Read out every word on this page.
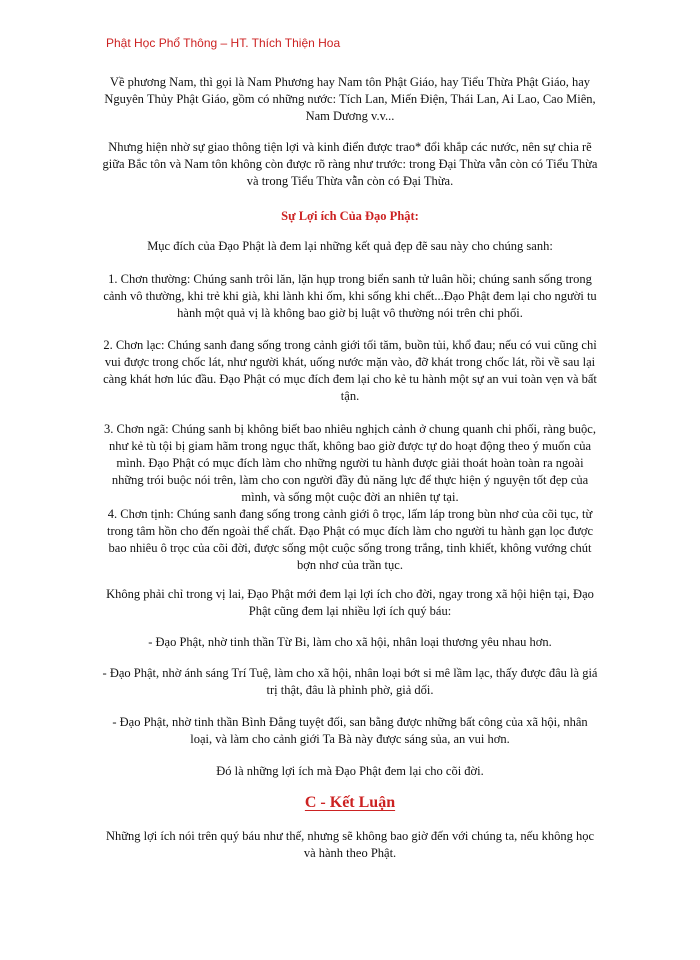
Phật Học Phổ Thông – HT. Thích Thiện Hoa
Về phương Nam, thì gọi là Nam Phương hay Nam tôn Phật Giáo, hay Tiểu Thừa Phật Giáo, hay Nguyên Thủy Phật Giáo, gồm có những nước: Tích Lan, Miến Điện, Thái Lan, Ai Lao, Cao Miên, Nam Dương v.v...
Nhưng hiện nhờ sự giao thông tiện lợi và kinh điển được trao* đổi khắp các nước, nên sự chia rẽ giữa Bắc tôn và Nam tôn không còn được rõ ràng như trước: trong Đại Thừa vẫn còn có Tiểu Thừa và trong Tiểu Thừa vẫn còn có Đại Thừa.
Sự Lợi ích Của Đạo Phật:
Mục đích của Đạo Phật là đem lại những kết quả đẹp đẽ sau này cho chúng sanh:
1. Chơn thường: Chúng sanh trôi lăn, lặn hụp trong biển sanh tử luân hồi; chúng sanh sống trong cảnh vô thường, khi trẻ khi già, khi lành khi ốm, khi sống khi chết...Đạo Phật đem lại cho người tu hành một quả vị là không bao giờ bị luật vô thường nói trên chi phối.
2. Chơn lạc: Chúng sanh đang sống trong cảnh giới tối tăm, buồn tủi, khổ đau; nếu có vui cũng chỉ vui được trong chốc lát, như người khát, uống nước mặn vào, đỡ khát trong chốc lát, rồi về sau lại càng khát hơn lúc đầu. Đạo Phật có mục đích đem lại cho kẻ tu hành một sự an vui toàn vẹn và bất tận.
3. Chơn ngã: Chúng sanh bị không biết bao nhiêu nghịch cảnh ở chung quanh chi phối, ràng buộc, như kẻ tù tội bị giam hãm trong ngục thất, không bao giờ được tự do hoạt động theo ý muốn của mình. Đạo Phật có mục đích làm cho những người tu hành được giải thoát hoàn toàn ra ngoài những trói buộc nói trên, làm cho con người đầy đủ năng lực để thực hiện ý nguyện tốt đẹp của mình, và sống một cuộc đời an nhiên tự tại.
4. Chơn tịnh: Chúng sanh đang sống trong cảnh giới ô trọc, lấm láp trong bùn nhơ của cõi tục, từ trong tâm hồn cho đến ngoài thể chất. Đạo Phật có mục đích làm cho người tu hành gạn lọc được bao nhiêu ô trọc của cõi đời, được sống một cuộc sống trong trắng, tinh khiết, không vướng chút bợn nhơ của trần tục.
Không phải chỉ trong vị lai, Đạo Phật mới đem lại lợi ích cho đời, ngay trong xã hội hiện tại, Đạo Phật cũng đem lại nhiều lợi ích quý báu:
- Đạo Phật, nhờ tinh thần Từ Bi, làm cho xã hội, nhân loại thương yêu nhau hơn.
- Đạo Phật, nhờ ánh sáng Trí Tuệ, làm cho xã hội, nhân loại bớt si mê lầm lạc, thấy được đâu là giá trị thật, đâu là phỉnh phờ, giả dối.
- Đạo Phật, nhờ tinh thần Bình Đẳng tuyệt đối, san bằng được những bất công của xã hội, nhân loại, và làm cho cảnh giới Ta Bà này được sáng sủa, an vui hơn.
Đó là những lợi ích mà Đạo Phật đem lại cho cõi đời.
C - Kết Luận
Những lợi ích nói trên quý báu như thế, nhưng sẽ không bao giờ đến với chúng ta, nếu không học và hành theo Phật.
